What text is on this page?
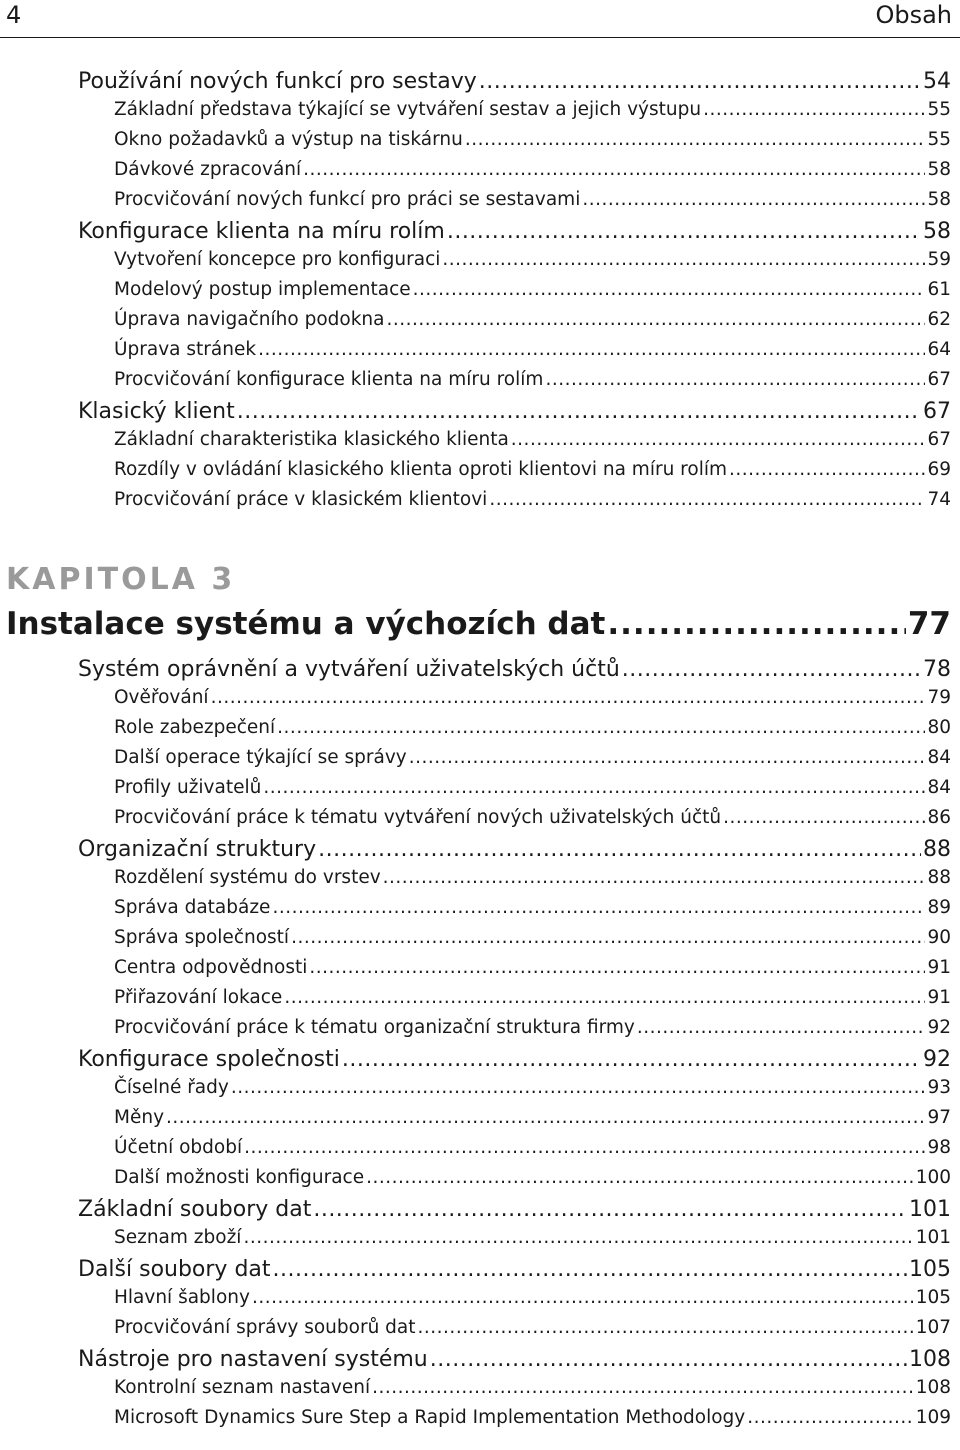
4	Obsah
Používání nových funkcí pro sestavy .....	54
Základní představa týkající se vytváření sestav a jejich výstupu .....	55
Okno požadavků a výstup na tiskárnu .....	55
Dávkové zpracování .....	58
Procvičování nových funkcí pro práci se sestavami .....	58
Konfigurace klienta na míru rolím .....	58
Vytvoření koncepce pro konfiguraci .....	59
Modelový postup implementace .....	61
Úprava navigačního podokna .....	62
Úprava stránek .....	64
Procvičování konfigurace klienta na míru rolím .....	67
Klasický klient .....	67
Základní charakteristika klasického klienta .....	67
Rozdíly v ovládání klasického klienta oproti klientovi na míru rolím .....	69
Procvičování práce v klasickém klientovi .....	74
KAPITOLA 3
Instalace systému a výchozích dat .....	77
Systém oprávnění a vytváření uživatelských účtů .....	78
Ověřování .....	79
Role zabezpečení .....	80
Další operace týkající se správy .....	84
Profily uživatelů .....	84
Procvičování práce k tématu vytváření nových uživatelských účtů .....	86
Organizační struktury .....	88
Rozdělení systému do vrstev .....	88
Správa databáze .....	89
Správa společností .....	90
Centra odpovědnosti .....	91
Přiřazování lokace .....	91
Procvičování práce k tématu organizační struktura firmy .....	92
Konfigurace společnosti .....	92
Číselné řady .....	93
Měny .....	97
Účetní období .....	98
Další možnosti konfigurace .....	100
Základní soubory dat .....	101
Seznam zboží .....	101
Další soubory dat .....	105
Hlavní šablony .....	105
Procvičování správy souborů dat .....	107
Nástroje pro nastavení systému .....	108
Kontrolní seznam nastavení .....	108
Microsoft Dynamics Sure Step a Rapid Implementation Methodology .....	109
